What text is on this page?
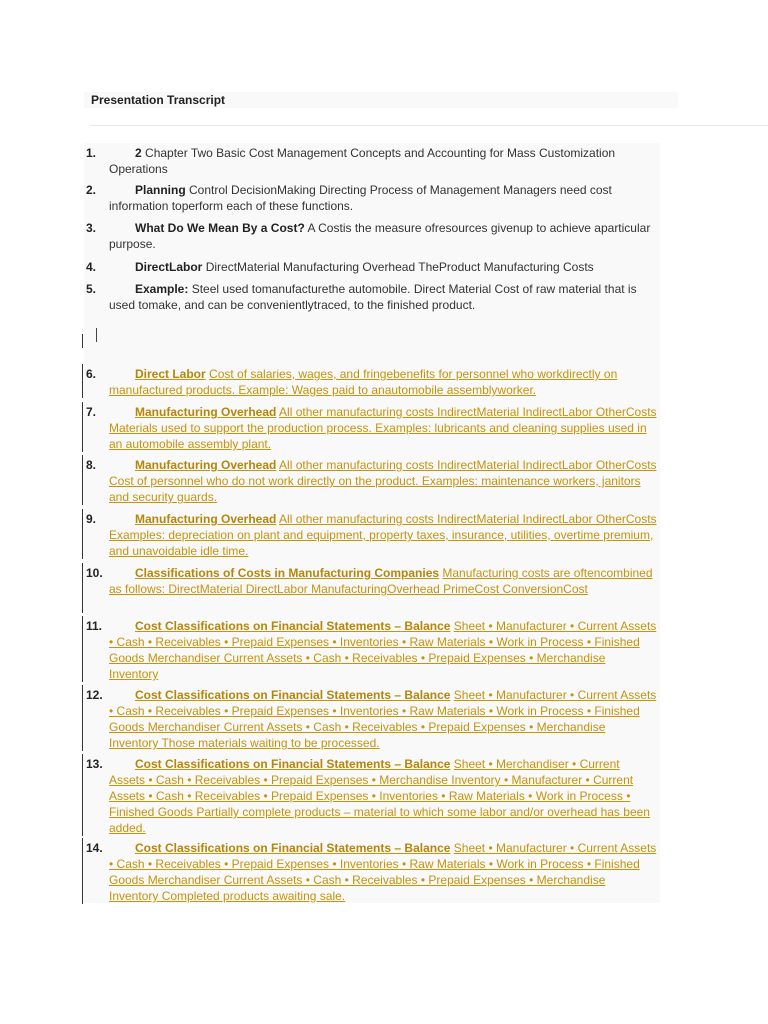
Presentation Transcript
1.	2 Chapter Two Basic Cost Management Concepts and Accounting for Mass Customization Operations
2.	Planning Control DecisionMaking Directing Process of Management Managers need cost information toperform each of these functions.
3.	What Do We Mean By a Cost? A Costis the measure ofresources givenup to achieve aparticular purpose.
4.	DirectLabor DirectMaterial Manufacturing Overhead TheProduct Manufacturing Costs
5.	Example: Steel used tomanufacturethe automobile. Direct Material Cost of raw material that is used tomake, and can be convenientlytraced, to the finished product.
6.	Direct Labor Cost of salaries, wages, and fringebenefits for personnel who workdirectly on manufactured products. Example: Wages paid to anautomobile assemblyworker.
7.	Manufacturing Overhead All other manufacturing costs IndirectMaterial IndirectLabor OtherCosts Materials used to support the production process. Examples: lubricants and cleaning supplies used in an automobile assembly plant.
8.	Manufacturing Overhead All other manufacturing costs IndirectMaterial IndirectLabor OtherCosts Cost of personnel who do not work directly on the product. Examples: maintenance workers, janitors and security guards.
9.	Manufacturing Overhead All other manufacturing costs IndirectMaterial IndirectLabor OtherCosts Examples: depreciation on plant and equipment, property taxes, insurance, utilities, overtime premium, and unavoidable idle time.
10.	Classifications of Costs in Manufacturing Companies Manufacturing costs are oftencombined as follows: DirectMaterial DirectLabor ManufacturingOverhead PrimeCost ConversionCost
11.	Cost Classifications on Financial Statements – Balance Sheet • Manufacturer • Current Assets • Cash • Receivables • Prepaid Expenses • Inventories • Raw Materials • Work in Process • Finished Goods Merchandiser Current Assets • Cash • Receivables • Prepaid Expenses • Merchandise Inventory
12.	Cost Classifications on Financial Statements – Balance Sheet • Manufacturer • Current Assets • Cash • Receivables • Prepaid Expenses • Inventories • Raw Materials • Work in Process • Finished Goods Merchandiser Current Assets • Cash • Receivables • Prepaid Expenses • Merchandise Inventory Those materials waiting to be processed.
13.	Cost Classifications on Financial Statements – Balance Sheet • Merchandiser • Current Assets • Cash • Receivables • Prepaid Expenses • Merchandise Inventory • Manufacturer • Current Assets • Cash • Receivables • Prepaid Expenses • Inventories • Raw Materials • Work in Process • Finished Goods Partially complete products – material to which some labor and/or overhead has been added.
14.	Cost Classifications on Financial Statements – Balance Sheet • Manufacturer • Current Assets • Cash • Receivables • Prepaid Expenses • Inventories • Raw Materials • Work in Process • Finished Goods Merchandiser Current Assets • Cash • Receivables • Prepaid Expenses • Merchandise Inventory Completed products awaiting sale.
